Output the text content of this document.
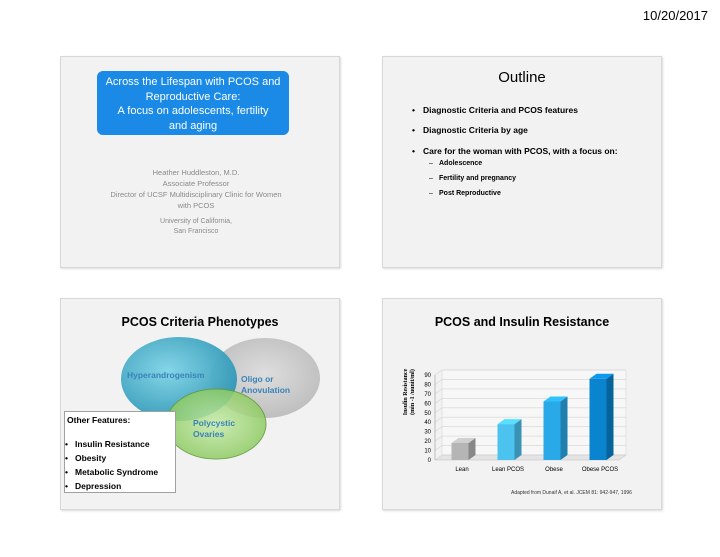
10/20/2017
Across the Lifespan with PCOS and
Reproductive Care:
A focus on adolescents, fertility
and aging
Heather Huddleston, M.D.
Associate Professor
Director of UCSF Multidisciplinary Clinic for Women
with PCOS
University of California,
San Francisco
Outline
• Diagnostic Criteria and PCOS features
• Diagnostic Criteria by age
• Care for the woman with PCOS, with a focus on:
– Adolescence
– Fertility and pregnancy
– Post Reproductive
PCOS Criteria Phenotypes
Hyperandrogenism	Oligo or
Anovulation
Polycystic
Ovaries
Other Features:
• Insulin Resistance
• Obesity
• Metabolic Syndrome
• Depression
PCOS and Insulin Resistance
0
10
20
30
40
50
60
70
80
90
Lean	Lean PCOS	Obese	Obese PCOS
Insulin Resistance (min -1 /uunit/ml)
Adapted from Dunaif A, et al. JCEM 81: 942-947, 1996
